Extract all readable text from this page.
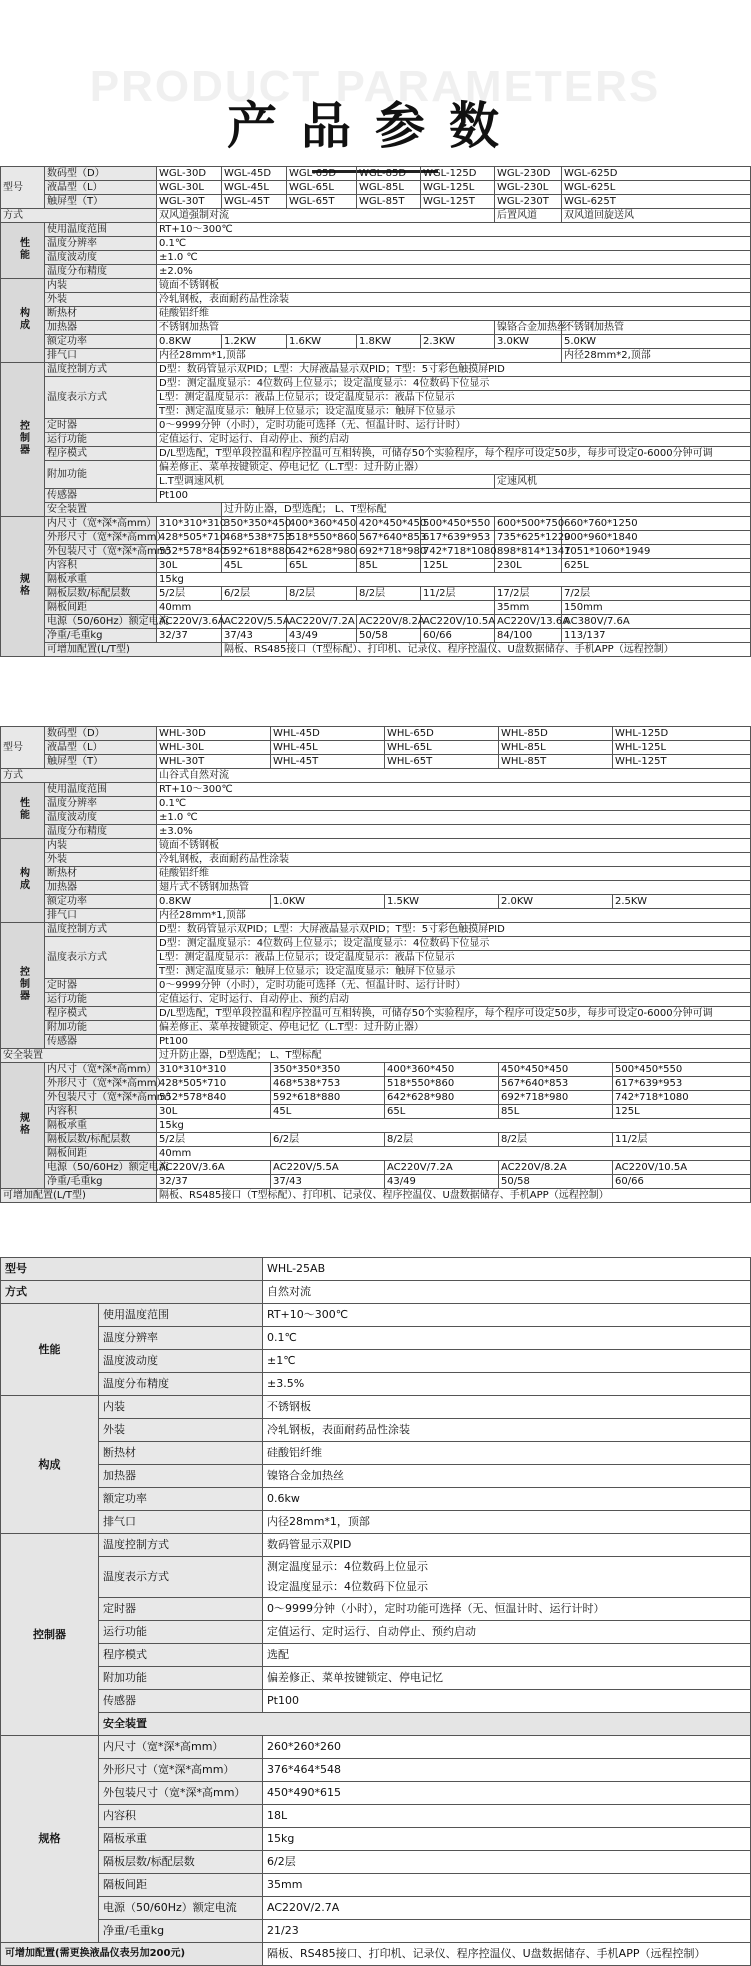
PRODUCT PARAMETERS
产品参数
型号	数码型（D）	WGL-30D	WGL-45D	WGL-65D	WGL-85D	WGL-125D	WGL-230D	WGL-625D
	液晶型（L）	WGL-30L	WGL-45L	WGL-65L	WGL-85L	WGL-125L	WGL-230L	WGL-625L
	触屏型（T）	WGL-30T	WGL-45T	WGL-65T	WGL-85T	WGL-125T	WGL-230T	WGL-625T
方式		双风道强制对流					后置风道	双风道回旋送风
性能	使用温度范围	RT+10～300℃						
	温度分辨率	0.1℃						
	温度波动度	±1.0 ℃						
	温度分布精度	±2.0%						
构成	内装	镜面不锈钢板						
	外装	冷轧钢板，表面耐药品性涂装						
	断热材	硅酸铝纤维						
	加热器	不锈钢加热管					镍铬合金加热丝	不锈钢加热管
	额定功率	0.8KW	1.2KW	1.6KW	1.8KW	2.3KW	3.0KW	5.0KW
	排气口	内径28mm*1,顶部						内径28mm*2,顶部
控制器	温度控制方式	D型：数码管显示双PID；L型：大屏液晶显示双PID；T型：5寸彩色触摸屏PID						
	温度表示方式	D型：测定温度显示：4位数码上位显示；设定温度显示：4位数码下位显示						
		L型：测定温度显示：液晶上位显示；设定温度显示：液晶下位显示						
		T型：测定温度显示：触屏上位显示；设定温度显示：触屏下位显示						
	定时器	0～9999分钟（小时），定时功能可选择（无、恒温计时、运行计时）						
	运行功能	定值运行、定时运行、自动停止、预约启动						
	程序模式	D/L型选配，T型单段控温和程序控温可互相转换，可储存50个实验程序，每个程序可设定50步，每步可设定0-6000分钟可调						
	附加功能	偏差修正、菜单按键锁定、停电记忆（L.T型：过升防止器）						
		L.T型调速风机					定速风机	
	传感器	Pt100						
	安全装置		过升防止器，D型选配； L、T型标配					
规格	内尺寸（宽*深*高mm）	310*310*310	350*350*450	400*360*450	420*450*450	500*450*550	600*500*750	660*760*1250
	外形尺寸（宽*深*高mm）	428*505*710	468*538*753	518*550*860	567*640*853	617*639*953	735*625*1220	900*960*1840
	外包装尺寸（宽*深*高mm）	552*578*840	592*618*880	642*628*980	692*718*980	742*718*1080	898*814*1347	1051*1060*1949
	内容积	30L	45L	65L	85L	125L	230L	625L
	隔板承重	15kg						
	隔板层数/标配层数	5/2层	6/2层	8/2层	8/2层	11/2层	17/2层	7/2层
	隔板间距	40mm					35mm	150mm
	电源（50/60Hz）额定电流	AC220V/3.6A	AC220V/5.5A	AC220V/7.2A	AC220V/8.2A	AC220V/10.5A	AC220V/13.6A	AC380V/7.6A
	净重/毛重kg	32/37	37/43	43/49	50/58	60/66	84/100	113/137
	可增加配置(L/T型)		隔板、RS485接口（T型标配）、打印机、记录仪、程序控温仪、U盘数据储存、手机APP（远程控制）					
型号	数码型（D）	WHL-30D	WHL-45D	WHL-65D	WHL-85D	WHL-125D
	液晶型（L）	WHL-30L	WHL-45L	WHL-65L	WHL-85L	WHL-125L
	触屏型（T）	WHL-30T	WHL-45T	WHL-65T	WHL-85T	WHL-125T
方式		山谷式自然对流				
性能	使用温度范围	RT+10～300℃				
	温度分辨率	0.1℃				
	温度波动度	±1.0 ℃				
	温度分布精度	±3.0%				
构成	内装	镜面不锈钢板				
	外装	冷轧钢板，表面耐药品性涂装				
	断热材	硅酸铝纤维				
	加热器	翅片式不锈钢加热管				
	额定功率	0.8KW	1.0KW	1.5KW	2.0KW	2.5KW
	排气口	内径28mm*1,顶部				
控制器	温度控制方式	D型：数码管显示双PID；L型：大屏液晶显示双PID；T型：5寸彩色触摸屏PID				
	温度表示方式	D型：测定温度显示：4位数码上位显示；设定温度显示：4位数码下位显示				
		L型：测定温度显示：液晶上位显示；设定温度显示：液晶下位显示				
		T型：测定温度显示：触屏上位显示；设定温度显示：触屏下位显示				
	定时器	0～9999分钟（小时），定时功能可选择（无、恒温计时、运行计时）				
	运行功能	定值运行、定时运行、自动停止、预约启动				
	程序模式	D/L型选配，T型单段控温和程序控温可互相转换，可储存50个实验程序，每个程序可设定50步，每步可设定0-6000分钟可调				
	附加功能	偏差修正、菜单按键锁定、停电记忆（L.T型：过升防止器）				
	传感器	Pt100				
安全装置		过升防止器，D型选配； L、T型标配				
规格	内尺寸（宽*深*高mm）	310*310*310	350*350*350	400*360*450	450*450*450	500*450*550
	外形尺寸（宽*深*高mm）	428*505*710	468*538*753	518*550*860	567*640*853	617*639*953
	外包装尺寸（宽*深*高mm）	552*578*840	592*618*880	642*628*980	692*718*980	742*718*1080
	内容积	30L	45L	65L	85L	125L
	隔板承重	15kg				
	隔板层数/标配层数	5/2层	6/2层	8/2层	8/2层	11/2层
	隔板间距	40mm				
	电源（50/60Hz）额定电流	AC220V/3.6A	AC220V/5.5A	AC220V/7.2A	AC220V/8.2A	AC220V/10.5A
	净重/毛重kg	32/37	37/43	43/49	50/58	60/66
可增加配置(L/T型)		隔板、RS485接口（T型标配）、打印机、记录仪、程序控温仪、U盘数据储存、手机APP（远程控制）				
型号		WHL-25AB	
方式		自然对流	
性能	使用温度范围	RT+10～300℃	
	温度分辨率	0.1℃	
	温度波动度	±1℃	
	温度分布精度	±3.5%	
构成	内装	不锈钢板	
	外装	冷轧钢板，表面耐药品性涂装	
	断热材	硅酸铝纤维	
	加热器	镍铬合金加热丝	
	额定功率	0.6kw	
	排气口	内径28mm*1，顶部	
控制器	温度控制方式	数码管显示双PID	
	温度表示方式	测定温度显示：4位数码上位显示
设定温度显示：4位数码下位显示	

	定时器	0～9999分钟（小时），定时功能可选择（无、恒温计时、运行计时）	
	运行功能	定值运行、定时运行、自动停止、预约启动	
	程序模式	选配	
	附加功能	偏差修正、菜单按键锁定、停电记忆	
	传感器	Pt100	
	安全装置	
规格	内尺寸（宽*深*高mm）	260*260*260	
	外形尺寸（宽*深*高mm）	376*464*548	
	外包装尺寸（宽*深*高mm）	450*490*615	
	内容积	18L	
	隔板承重	15kg	
	隔板层数/标配层数	6/2层	
	隔板间距	35mm	
	电源（50/60Hz）额定电流	AC220V/2.7A	
	净重/毛重kg	21/23	
可增加配置(需更换液晶仪表另加200元)		隔板、RS485接口、打印机、记录仪、程序控温仪、U盘数据储存、手机APP（远程控制）	
